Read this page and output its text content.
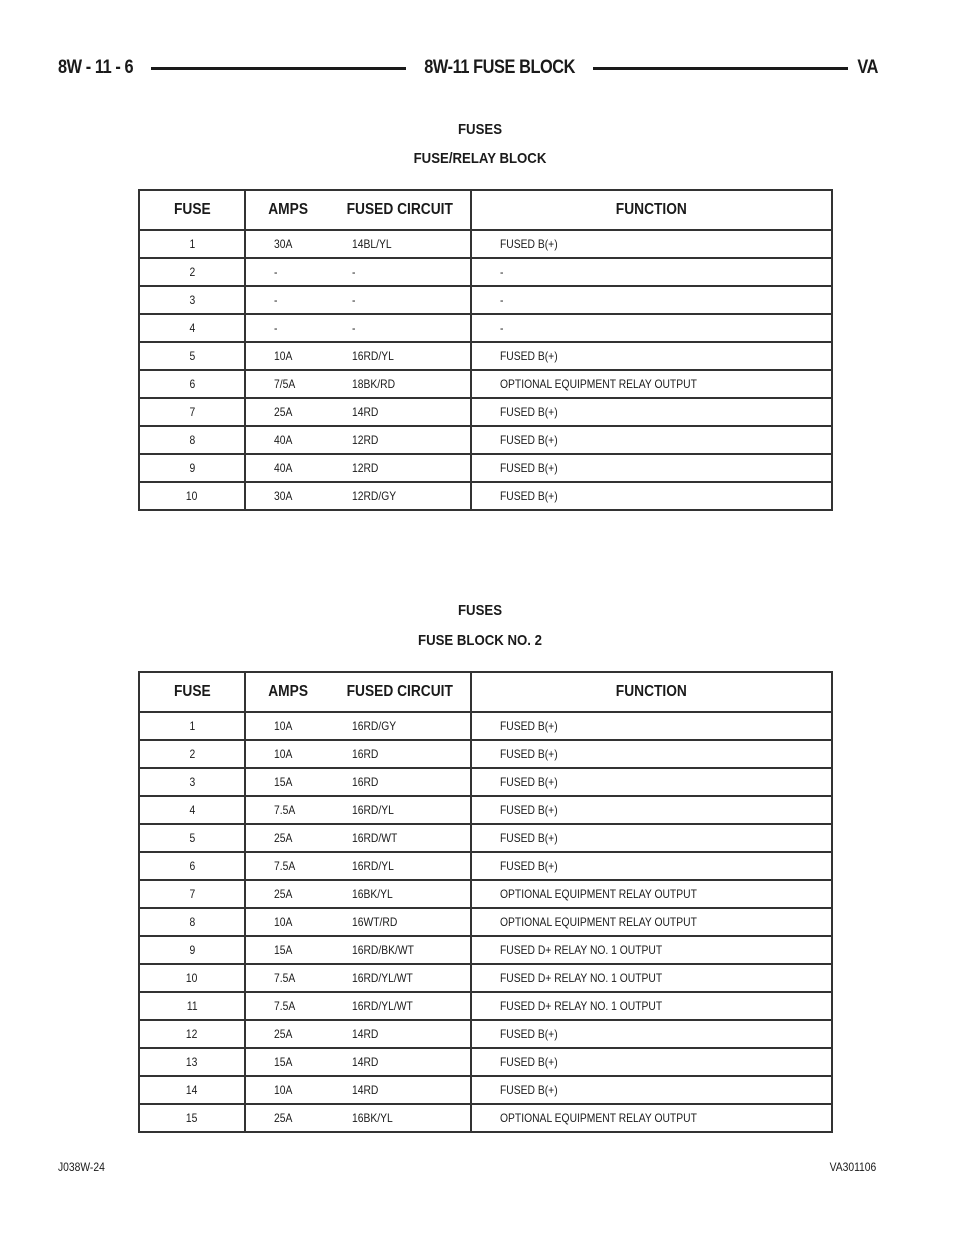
8W - 11 - 6	8W-11 FUSE BLOCK	VA
FUSES
FUSE/RELAY BLOCK
FUSE	AMPS	FUSED CIRCUIT	FUNCTION
1	30A	14BL/YL	FUSED B(+)
2	-	-	-
3	-	-	-
4	-	-	-
5	10A	16RD/YL	FUSED B(+)
6	7/5A	18BK/RD	OPTIONAL EQUIPMENT RELAY OUTPUT
7	25A	14RD	FUSED B(+)
8	40A	12RD	FUSED B(+)
9	40A	12RD	FUSED B(+)
10	30A	12RD/GY	FUSED B(+)
FUSES
FUSE BLOCK NO. 2
FUSE	AMPS	FUSED CIRCUIT	FUNCTION
1	10A	16RD/GY	FUSED B(+)
2	10A	16RD	FUSED B(+)
3	15A	16RD	FUSED B(+)
4	7.5A	16RD/YL	FUSED B(+)
5	25A	16RD/WT	FUSED B(+)
6	7.5A	16RD/YL	FUSED B(+)
7	25A	16BK/YL	OPTIONAL EQUIPMENT RELAY OUTPUT
8	10A	16WT/RD	OPTIONAL EQUIPMENT RELAY OUTPUT
9	15A	16RD/BK/WT	FUSED D+ RELAY NO. 1 OUTPUT
10	7.5A	16RD/YL/WT	FUSED D+ RELAY NO. 1 OUTPUT
11	7.5A	16RD/YL/WT	FUSED D+ RELAY NO. 1 OUTPUT
12	25A	14RD	FUSED B(+)
13	15A	14RD	FUSED B(+)
14	10A	14RD	FUSED B(+)
15	25A	16BK/YL	OPTIONAL EQUIPMENT RELAY OUTPUT
J038W-24	VA301106
